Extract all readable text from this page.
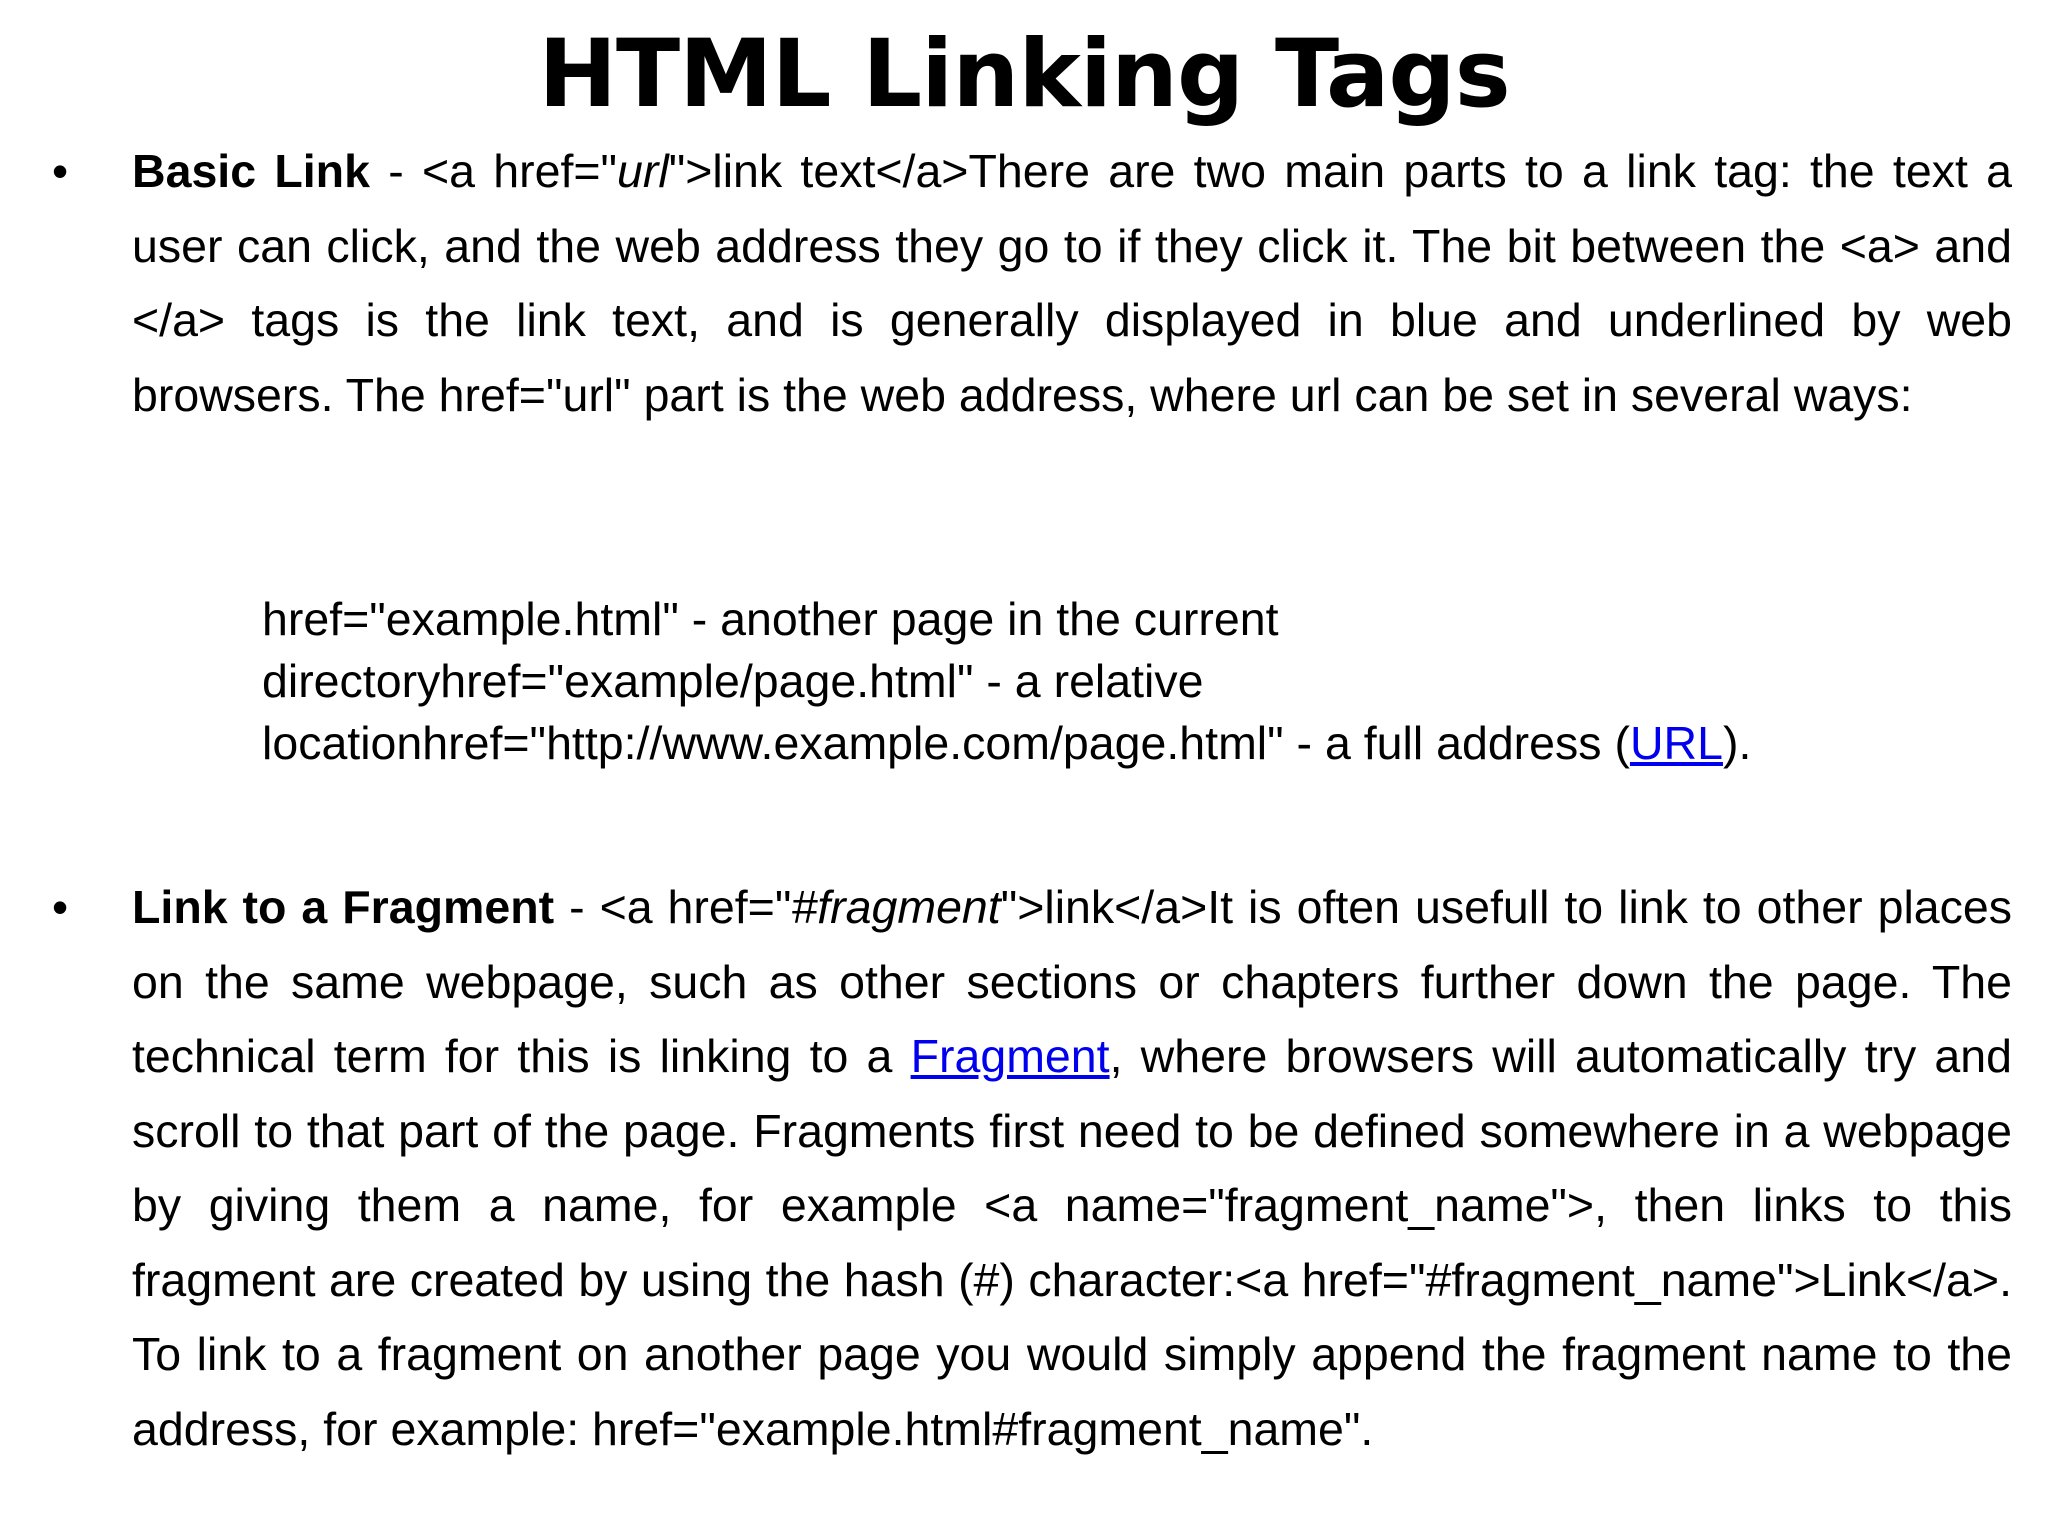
HTML Linking Tags
• Basic Link - <a href="url">link text</a>There are two main parts to a link tag: the text a user can click, and the web address they go to if they click it. The bit between the <a> and </a> tags is the link text, and is generally displayed in blue and underlined by web browsers. The href="url" part is the web address, where url can be set in several ways:
href="example.html" - another page in the current
directoryhref="example/page.html" - a relative
locationhref="http://www.example.com/page.html" - a full address (URL).
• Link to a Fragment - <a href="#fragment">link</a>It is often usefull to link to other places on the same webpage, such as other sections or chapters further down the page. The technical term for this is linking to a Fragment, where browsers will automatically try and scroll to that part of the page. Fragments first need to be defined somewhere in a webpage by giving them a name, for example <a name="fragment_name">, then links to this fragment are created by using the hash (#) character:<a href="#fragment_name">Link</a>. To link to a fragment on another page you would simply append the fragment name to the address, for example: href="example.html#fragment_name".
